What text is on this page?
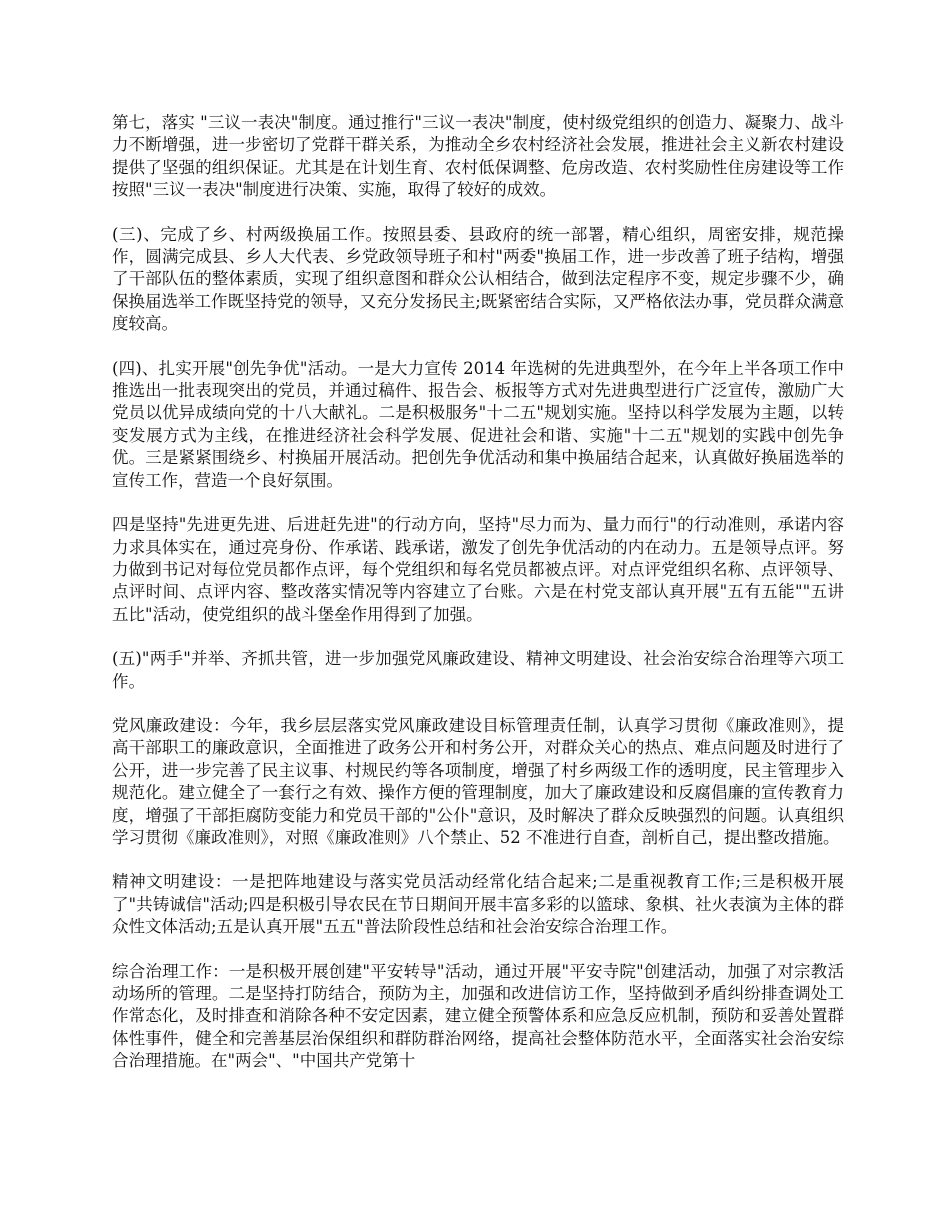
第七，落实 "三议一表决"制度。通过推行"三议一表决"制度，使村级党组织的创造力、凝聚力、战斗力不断增强，进一步密切了党群干群关系，为推动全乡农村经济社会发展，推进社会主义新农村建设提供了坚强的组织保证。尤其是在计划生育、农村低保调整、危房改造、农村奖励性住房建设等工作按照"三议一表决"制度进行决策、实施，取得了较好的成效。

(三)、完成了乡、村两级换届工作。按照县委、县政府的统一部署，精心组织，周密安排，规范操作，圆满完成县、乡人大代表、乡党政领导班子和村"两委"换届工作，进一步改善了班子结构，增强了干部队伍的整体素质，实现了组织意图和群众公认相结合，做到法定程序不变，规定步骤不少，确保换届选举工作既坚持党的领导，又充分发扬民主;既紧密结合实际，又严格依法办事，党员群众满意度较高。

(四)、扎实开展"创先争优"活动。一是大力宣传 2014 年选树的先进典型外，在今年上半各项工作中推选出一批表现突出的党员，并通过稿件、报告会、板报等方式对先进典型进行广泛宣传，激励广大党员以优异成绩向党的十八大献礼。二是积极服务"十二五"规划实施。坚持以科学发展为主题，以转变发展方式为主线，在推进经济社会科学发展、促进社会和谐、实施"十二五"规划的实践中创先争优。三是紧紧围绕乡、村换届开展活动。把创先争优活动和集中换届结合起来，认真做好换届选举的宣传工作，营造一个良好氛围。

四是坚持"先进更先进、后进赶先进"的行动方向，坚持"尽力而为、量力而行"的行动准则，承诺内容力求具体实在，通过亮身份、作承诺、践承诺，激发了创先争优活动的内在动力。五是领导点评。努力做到书记对每位党员都作点评，每个党组织和每名党员都被点评。对点评党组织名称、点评领导、点评时间、点评内容、整改落实情况等内容建立了台账。六是在村党支部认真开展"五有五能""五讲五比"活动，使党组织的战斗堡垒作用得到了加强。

(五)"两手"并举、齐抓共管，进一步加强党风廉政建设、精神文明建设、社会治安综合治理等六项工作。

党风廉政建设：今年，我乡层层落实党风廉政建设目标管理责任制，认真学习贯彻《廉政准则》，提高干部职工的廉政意识，全面推进了政务公开和村务公开，对群众关心的热点、难点问题及时进行了公开，进一步完善了民主议事、村规民约等各项制度，增强了村乡两级工作的透明度，民主管理步入规范化。建立健全了一套行之有效、操作方便的管理制度，加大了廉政建设和反腐倡廉的宣传教育力度，增强了干部拒腐防变能力和党员干部的"公仆"意识，及时解决了群众反映强烈的问题。认真组织学习贯彻《廉政准则》，对照《廉政准则》八个禁止、52 不准进行自查，剖析自己，提出整改措施。

精神文明建设：一是把阵地建设与落实党员活动经常化结合起来;二是重视教育工作;三是积极开展了"共铸诚信"活动;四是积极引导农民在节日期间开展丰富多彩的以篮球、象棋、社火表演为主体的群众性文体活动;五是认真开展"五五"普法阶段性总结和社会治安综合治理工作。

综合治理工作：一是积极开展创建"平安转导"活动，通过开展"平安寺院"创建活动，加强了对宗教活动场所的管理。二是坚持打防结合，预防为主，加强和改进信访工作，坚持做到矛盾纠纷排查调处工作常态化，及时排查和消除各种不安定因素，建立健全预警体系和应急反应机制，预防和妥善处置群体性事件，健全和完善基层治保组织和群防群治网络，提高社会整体防范水平，全面落实社会治安综合治理措施。在"两会"、"中国共产党第十
